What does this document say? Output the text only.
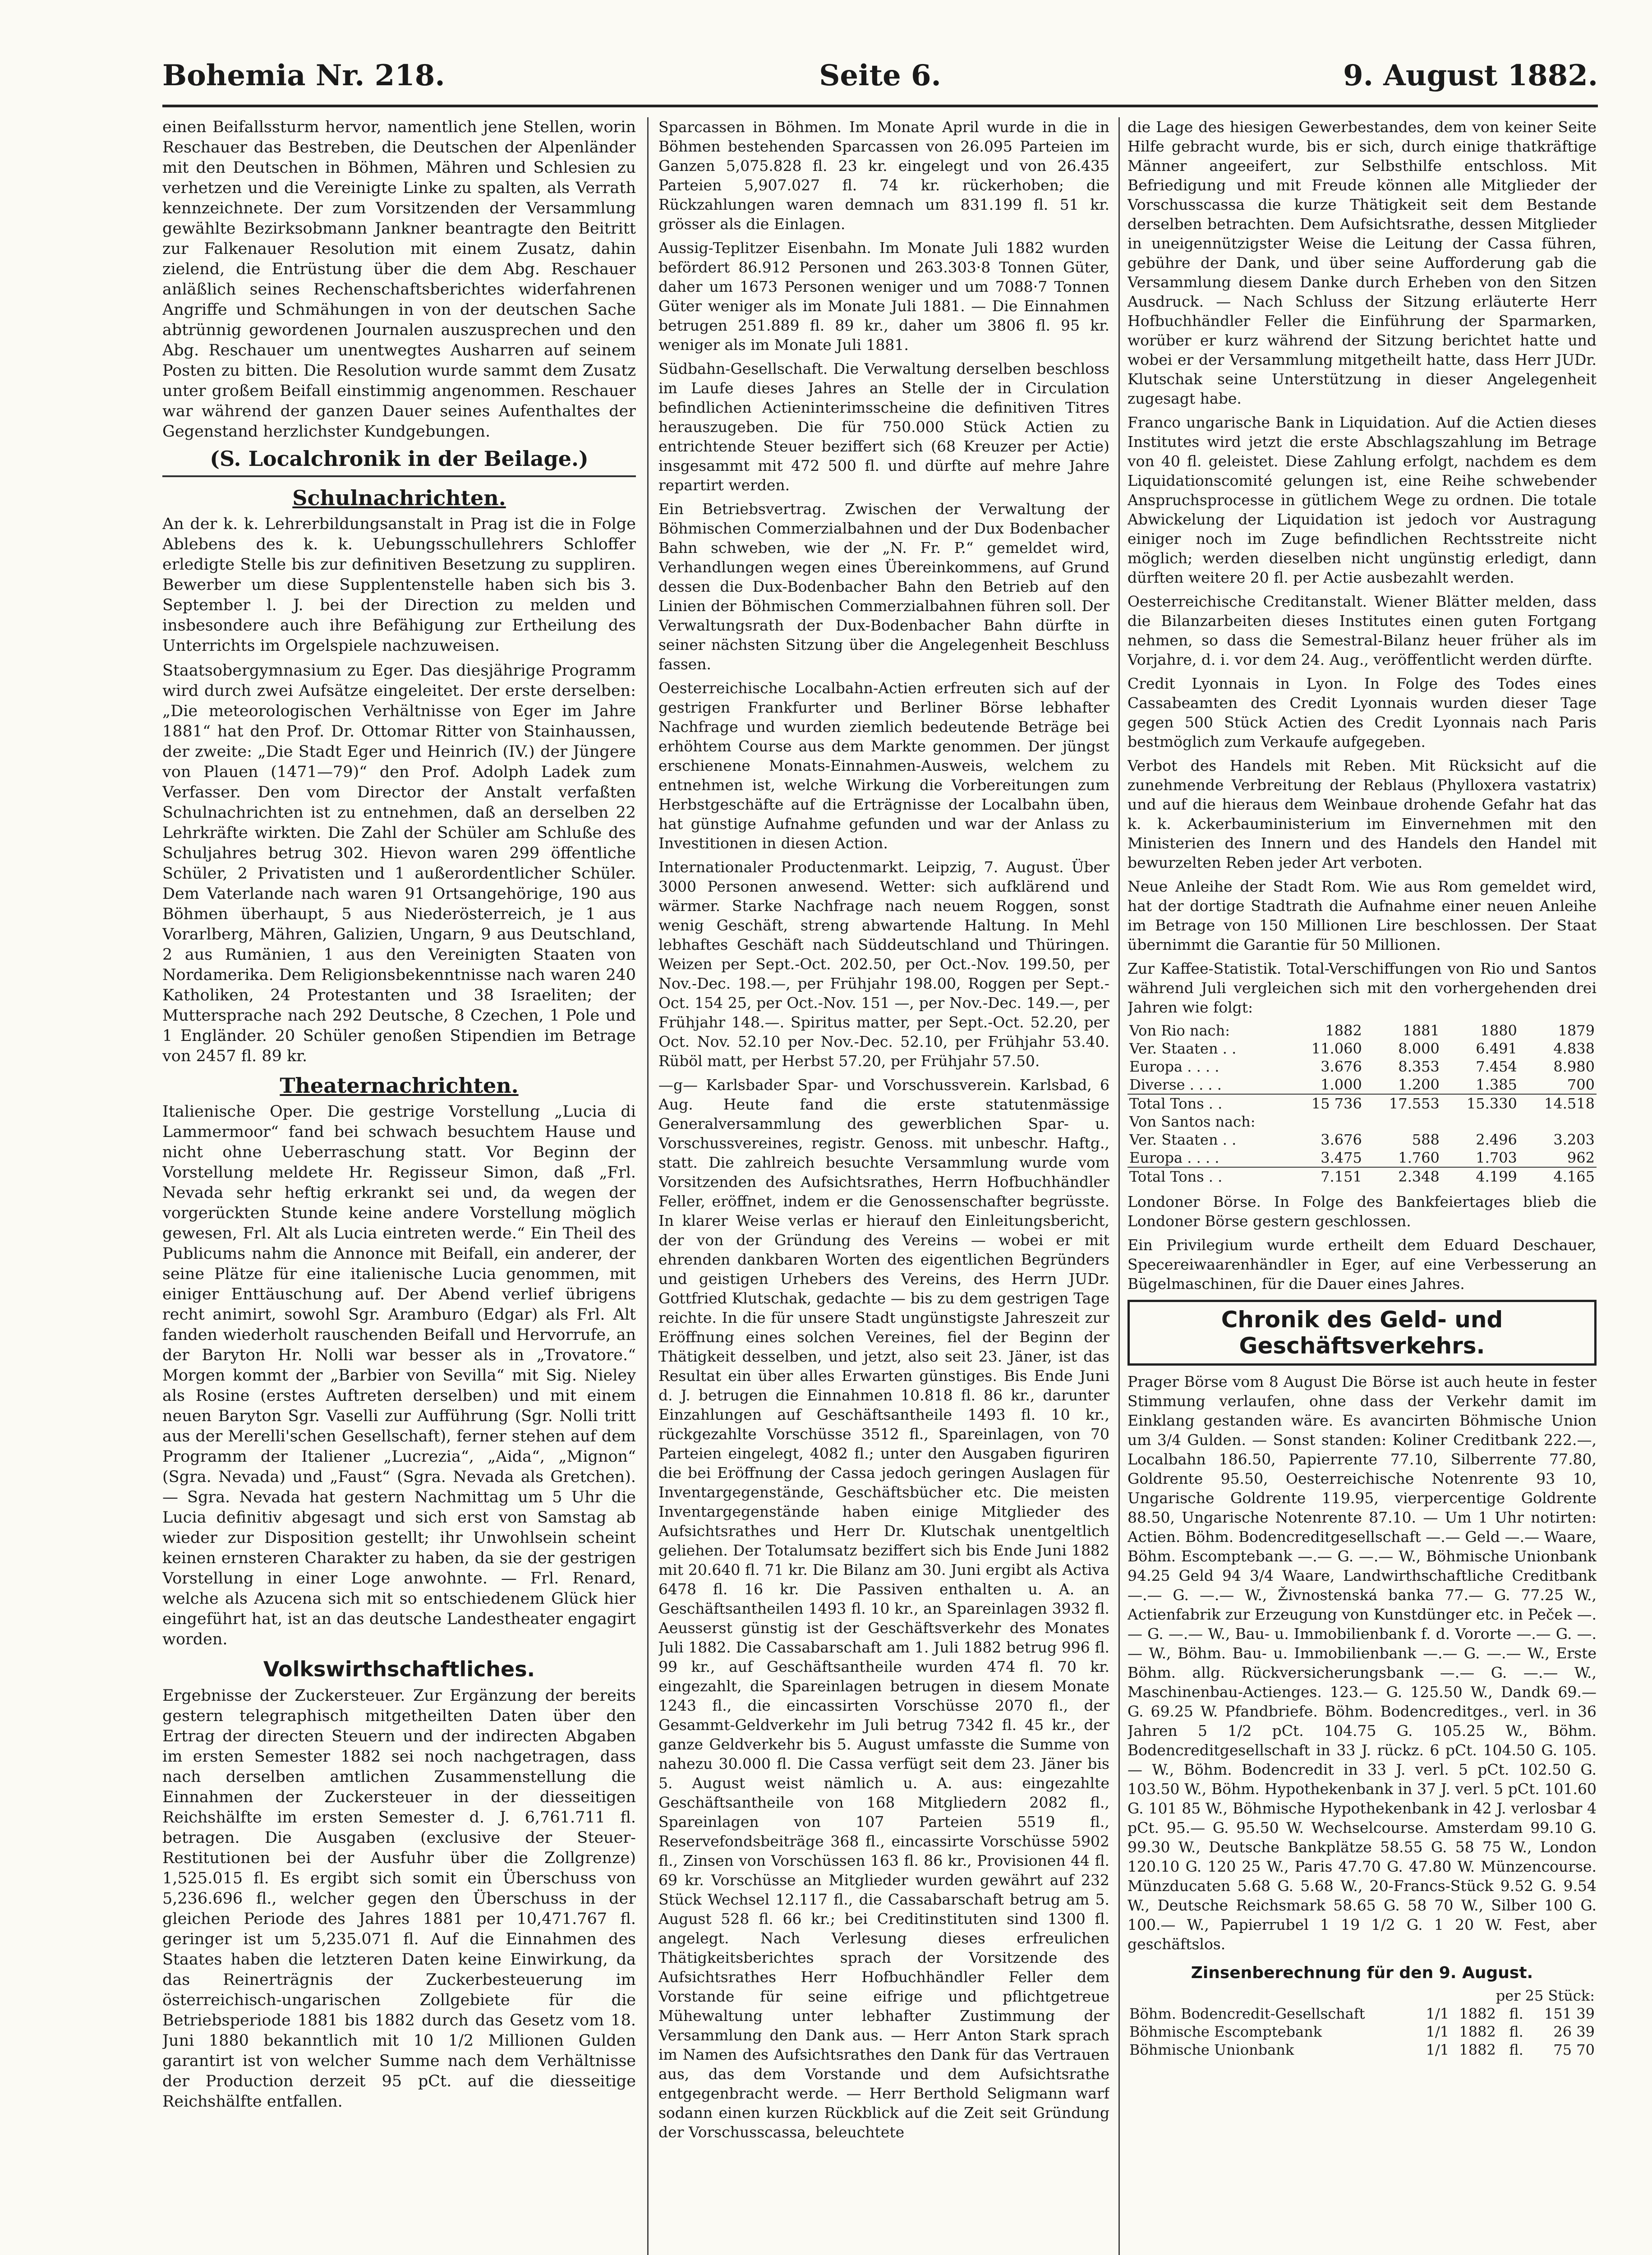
Bohemia Nr. 218.	Seite 6.	9. August 1882.

einen Beifallssturm hervor, namentlich jene Stellen, worin Reschauer das Bestreben, die Deutschen der Alpenländer mit den Deutschen in Böhmen, Mähren und Schlesien zu verhetzen und die Vereinigte Linke zu spalten, als Verrath kennzeichnete. Der zum Vorsitzenden der Versammlung gewählte Bezirksobmann Jankner beantragte den Beitritt zur Falkenauer Resolution mit einem Zusatz, dahin zielend, die Entrüstung über die dem Abg. Reschauer anläßlich seines Rechenschaftsberichtes widerfahrenen Angriffe und Schmähungen in von der deutschen Sache abtrünnig gewordenen Journalen auszusprechen und den Abg. Reschauer um unentwegtes Ausharren auf seinem Posten zu bitten. Die Resolution wurde sammt dem Zusatz unter großem Beifall einstimmig angenommen. Reschauer war während der ganzen Dauer seines Aufenthaltes der Gegenstand herzlichster Kundgebungen.

(S. Localchronik in der Beilage.)
Schulnachrichten.

An der k. k. Lehrerbildungsanstalt in Prag ist die in Folge Ablebens des k. k. Uebungsschullehrers Schloffer erledigte Stelle bis zur definitiven Besetzung zu suppliren. Bewerber um diese Supplentenstelle haben sich bis 3. September l. J. bei der Direction zu melden und insbesondere auch ihre Befähigung zur Ertheilung des Unterrichts im Orgelspiele nachzuweisen.

Staatsobergymnasium zu Eger. Das diesjährige Programm wird durch zwei Aufsätze eingeleitet. Der erste derselben: „Die meteorologischen Verhältnisse von Eger im Jahre 1881“ hat den Prof. Dr. Ottomar Ritter von Stainhaussen, der zweite: „Die Stadt Eger und Heinrich (IV.) der Jüngere von Plauen (1471—79)“ den Prof. Adolph Ladek zum Verfasser. Den vom Director der Anstalt verfaßten Schulnachrichten ist zu entnehmen, daß an derselben 22 Lehrkräfte wirkten. Die Zahl der Schüler am Schluße des Schuljahres betrug 302. Hievon waren 299 öffentliche Schüler, 2 Privatisten und 1 außerordentlicher Schüler. Dem Vaterlande nach waren 91 Ortsangehörige, 190 aus Böhmen überhaupt, 5 aus Niederösterreich, je 1 aus Vorarlberg, Mähren, Galizien, Ungarn, 9 aus Deutschland, 2 aus Rumänien, 1 aus den Vereinigten Staaten von Nordamerika. Dem Religionsbekenntnisse nach waren 240 Katholiken, 24 Protestanten und 38 Israeliten; der Muttersprache nach 292 Deutsche, 8 Czechen, 1 Pole und 1 Engländer. 20 Schüler genoßen Stipendien im Betrage von 2457 fl. 89 kr.

Theaternachrichten.

Italienische Oper. Die gestrige Vorstellung „Lucia di Lammermoor“ fand bei schwach besuchtem Hause und nicht ohne Ueberraschung statt. Vor Beginn der Vorstellung meldete Hr. Regisseur Simon, daß „Frl. Nevada sehr heftig erkrankt sei und, da wegen der vorgerückten Stunde keine andere Vorstellung möglich gewesen, Frl. Alt als Lucia eintreten werde.“ Ein Theil des Publicums nahm die Annonce mit Beifall, ein anderer, der seine Plätze für eine italienische Lucia genommen, mit einiger Enttäuschung auf. Der Abend verlief übrigens recht animirt, sowohl Sgr. Aramburo (Edgar) als Frl. Alt fanden wiederholt rauschenden Beifall und Hervorrufe, an der Baryton Hr. Nolli war besser als in „Trovatore.“ Morgen kommt der „Barbier von Sevilla“ mit Sig. Nieley als Rosine (erstes Auftreten derselben) und mit einem neuen Baryton Sgr. Vaselli zur Aufführung (Sgr. Nolli tritt aus der Merelli'schen Gesellschaft), ferner stehen auf dem Programm der Italiener „Lucrezia“, „Aida“, „Mignon“ (Sgra. Nevada) und „Faust“ (Sgra. Nevada als Gretchen). — Sgra. Nevada hat gestern Nachmittag um 5 Uhr die Lucia definitiv abgesagt und sich erst von Samstag ab wieder zur Disposition gestellt; ihr Unwohlsein scheint keinen ernsteren Charakter zu haben, da sie der gestrigen Vorstellung in einer Loge anwohnte. — Frl. Renard, welche als Azucena sich mit so entschiedenem Glück hier eingeführt hat, ist an das deutsche Landestheater engagirt worden.

Volkswirthschaftliches.

Ergebnisse der Zuckersteuer. Zur Ergänzung der bereits gestern telegraphisch mitgetheilten Daten über den Ertrag der directen Steuern und der indirecten Abgaben im ersten Semester 1882 sei noch nachgetragen, dass nach derselben amtlichen Zusammenstellung die Einnahmen der Zuckersteuer in der diesseitigen Reichshälfte im ersten Semester d. J. 6,761.711 fl. betragen. Die Ausgaben (exclusive der Steuer-Restitutionen bei der Ausfuhr über die Zollgrenze) 1,525.015 fl. Es ergibt sich somit ein Überschuss von 5,236.696 fl., welcher gegen den Überschuss in der gleichen Periode des Jahres 1881 per 10,471.767 fl. geringer ist um 5,235.071 fl. Auf die Einnahmen des Staates haben die letzteren Daten keine Einwirkung, da das Reinerträgnis der Zuckerbesteuerung im österreichisch-ungarischen Zollgebiete für die Betriebsperiode 1881 bis 1882 durch das Gesetz vom 18. Juni 1880 bekanntlich mit 10 1/2 Millionen Gulden garantirt ist von welcher Summe nach dem Verhältnisse der Production derzeit 95 pCt. auf die diesseitige Reichshälfte entfallen.

Sparcassen in Böhmen. Im Monate April wurde in die in Böhmen bestehenden Sparcassen von 26.095 Parteien im Ganzen 5,075.828 fl. 23 kr. eingelegt und von 26.435 Parteien 5,907.027 fl. 74 kr. rückerhoben; die Rückzahlungen waren demnach um 831.199 fl. 51 kr. grösser als die Einlagen.

Aussig-Teplitzer Eisenbahn. Im Monate Juli 1882 wurden befördert 86.912 Personen und 263.303·8 Tonnen Güter, daher um 1673 Personen weniger und um 7088·7 Tonnen Güter weniger als im Monate Juli 1881. — Die Einnahmen betrugen 251.889 fl. 89 kr., daher um 3806 fl. 95 kr. weniger als im Monate Juli 1881.

Südbahn-Gesellschaft. Die Verwaltung derselben beschloss im Laufe dieses Jahres an Stelle der in Circulation befindlichen Actieninterimsscheine die definitiven Titres herauszugeben. Die für 750.000 Stück Actien zu entrichtende Steuer beziffert sich (68 Kreuzer per Actie) insgesammt mit 472 500 fl. und dürfte auf mehre Jahre repartirt werden.

Ein Betriebsvertrag. Zwischen der Verwaltung der Böhmischen Commerzialbahnen und der Dux Bodenbacher Bahn schweben, wie der „N. Fr. P.“ gemeldet wird, Verhandlungen wegen eines Übereinkommens, auf Grund dessen die Dux-Bodenbacher Bahn den Betrieb auf den Linien der Böhmischen Commerzialbahnen führen soll. Der Verwaltungsrath der Dux-Bodenbacher Bahn dürfte in seiner nächsten Sitzung über die Angelegenheit Beschluss fassen.

Oesterreichische Localbahn-Actien erfreuten sich auf der gestrigen Frankfurter und Berliner Börse lebhafter Nachfrage und wurden ziemlich bedeutende Beträge bei erhöhtem Course aus dem Markte genommen. Der jüngst erschienene Monats-Einnahmen-Ausweis, welchem zu entnehmen ist, welche Wirkung die Vorbereitungen zum Herbstgeschäfte auf die Erträgnisse der Localbahn üben, hat günstige Aufnahme gefunden und war der Anlass zu Investitionen in diesen Action.

Internationaler Productenmarkt. Leipzig, 7. August. Über 3000 Personen anwesend. Wetter: sich aufklärend und wärmer. Starke Nachfrage nach neuem Roggen, sonst wenig Geschäft, streng abwartende Haltung. In Mehl lebhaftes Geschäft nach Süddeutschland und Thüringen. Weizen per Sept.-Oct. 202.50, per Oct.-Nov. 199.50, per Nov.-Dec. 198.—, per Frühjahr 198.00, Roggen per Sept.-Oct. 154 25, per Oct.-Nov. 151 —, per Nov.-Dec. 149.—, per Frühjahr 148.—. Spiritus matter, per Sept.-Oct. 52.20, per Oct. Nov. 52.10 per Nov.-Dec. 52.10, per Frühjahr 53.40. Rüböl matt, per Herbst 57.20, per Frühjahr 57.50.

—g— Karlsbader Spar- und Vorschussverein. Karlsbad, 6 Aug. Heute fand die erste statutenmässige Generalversammlung des gewerblichen Spar- u. Vorschussvereines, registr. Genoss. mit unbeschr. Haftg., statt. Die zahlreich besuchte Versammlung wurde vom Vorsitzenden des Aufsichtsrathes, Herrn Hofbuchhändler Feller, eröffnet, indem er die Genossenschafter begrüsste. In klarer Weise verlas er hierauf den Einleitungsbericht, der von der Gründung des Vereins — wobei er mit ehrenden dankbaren Worten des eigentlichen Begründers und geistigen Urhebers des Vereins, des Herrn JUDr. Gottfried Klutschak, gedachte — bis zu dem gestrigen Tage reichte. In die für unsere Stadt ungünstigste Jahreszeit zur Eröffnung eines solchen Vereines, fiel der Beginn der Thätigkeit desselben, und jetzt, also seit 23. Jäner, ist das Resultat ein über alles Erwarten günstiges. Bis Ende Juni d. J. betrugen die Einnahmen 10.818 fl. 86 kr., darunter Einzahlungen auf Geschäftsantheile 1493 fl. 10 kr., rückgezahlte Vorschüsse 3512 fl., Spareinlagen, von 70 Parteien eingelegt, 4082 fl.; unter den Ausgaben figuriren die bei Eröffnung der Cassa jedoch geringen Auslagen für Inventargegenstände, Geschäftsbücher etc. Die meisten Inventargegenstände haben einige Mitglieder des Aufsichtsrathes und Herr Dr. Klutschak unentgeltlich geliehen. Der Totalumsatz beziffert sich bis Ende Juni 1882 mit 20.640 fl. 71 kr. Die Bilanz am 30. Juni ergibt als Activa 6478 fl. 16 kr. Die Passiven enthalten u. A. an Geschäftsantheilen 1493 fl. 10 kr., an Spareinlagen 3932 fl. Aeusserst günstig ist der Geschäftsverkehr des Monates Juli 1882. Die Cassabarschaft am 1. Juli 1882 betrug 996 fl. 99 kr., auf Geschäftsantheile wurden 474 fl. 70 kr. eingezahlt, die Spareinlagen betrugen in diesem Monate 1243 fl., die eincassirten Vorschüsse 2070 fl., der Gesammt-Geldverkehr im Juli betrug 7342 fl. 45 kr., der ganze Geldverkehr bis 5. August umfasste die Summe von nahezu 30.000 fl. Die Cassa verfügt seit dem 23. Jäner bis 5. August weist nämlich u. A. aus: eingezahlte Geschäftsantheile von 168 Mitgliedern 2082 fl., Spareinlagen von 107 Parteien 5519 fl., Reservefondsbeiträge 368 fl., eincassirte Vorschüsse 5902 fl., Zinsen von Vorschüssen 163 fl. 86 kr., Provisionen 44 fl. 69 kr. Vorschüsse an Mitglieder wurden gewährt auf 232 Stück Wechsel 12.117 fl., die Cassabarschaft betrug am 5. August 528 fl. 66 kr.; bei Creditinstituten sind 1300 fl. angelegt. Nach Verlesung dieses erfreulichen Thätigkeitsberichtes sprach der Vorsitzende des Aufsichtsrathes Herr Hofbuchhändler Feller dem Vorstande für seine eifrige und pflichtgetreue Mühewaltung unter lebhafter Zustimmung der Versammlung den Dank aus. — Herr Anton Stark sprach im Namen des Aufsichtsrathes den Dank für das Vertrauen aus, das dem Vorstande und dem Aufsichtsrathe entgegenbracht werde. — Herr Berthold Seligmann warf sodann einen kurzen Rückblick auf die Zeit seit Gründung der Vorschusscassa, beleuchtete

die Lage des hiesigen Gewerbestandes, dem von keiner Seite Hilfe gebracht wurde, bis er sich, durch einige thatkräftige Männer angeeifert, zur Selbsthilfe entschloss. Mit Befriedigung und mit Freude können alle Mitglieder der Vorschusscassa die kurze Thätigkeit seit dem Bestande derselben betrachten. Dem Aufsichtsrathe, dessen Mitglieder in uneigennützigster Weise die Leitung der Cassa führen, gebühre der Dank, und über seine Aufforderung gab die Versammlung diesem Danke durch Erheben von den Sitzen Ausdruck. — Nach Schluss der Sitzung erläuterte Herr Hofbuchhändler Feller die Einführung der Sparmarken, worüber er kurz während der Sitzung berichtet hatte und wobei er der Versammlung mitgetheilt hatte, dass Herr JUDr. Klutschak seine Unterstützung in dieser Angelegenheit zugesagt habe.

Franco ungarische Bank in Liquidation. Auf die Actien dieses Institutes wird jetzt die erste Abschlagszahlung im Betrage von 40 fl. geleistet. Diese Zahlung erfolgt, nachdem es dem Liquidationscomité gelungen ist, eine Reihe schwebender Anspruchsprocesse in gütlichem Wege zu ordnen. Die totale Abwickelung der Liquidation ist jedoch vor Austragung einiger noch im Zuge befindlichen Rechtsstreite nicht möglich; werden dieselben nicht ungünstig erledigt, dann dürften weitere 20 fl. per Actie ausbezahlt werden.

Oesterreichische Creditanstalt. Wiener Blätter melden, dass die Bilanzarbeiten dieses Institutes einen guten Fortgang nehmen, so dass die Semestral-Bilanz heuer früher als im Vorjahre, d. i. vor dem 24. Aug., veröffentlicht werden dürfte.

Credit Lyonnais in Lyon. In Folge des Todes eines Cassabeamten des Credit Lyonnais wurden dieser Tage gegen 500 Stück Actien des Credit Lyonnais nach Paris bestmöglich zum Verkaufe aufgegeben.

Verbot des Handels mit Reben. Mit Rücksicht auf die zunehmende Verbreitung der Reblaus (Phylloxera vastatrix) und auf die hieraus dem Weinbaue drohende Gefahr hat das k. k. Ackerbauministerium im Einvernehmen mit den Ministerien des Innern und des Handels den Handel mit bewurzelten Reben jeder Art verboten.

Neue Anleihe der Stadt Rom. Wie aus Rom gemeldet wird, hat der dortige Stadtrath die Aufnahme einer neuen Anleihe im Betrage von 150 Millionen Lire beschlossen. Der Staat übernimmt die Garantie für 50 Millionen.

Zur Kaffee-Statistik. Total-Verschiffungen von Rio und Santos während Juli vergleichen sich mit den vorhergehenden drei Jahren wie folgt:

Von Rio nach:	1882	1881	1880	1879
Ver. Staaten . .	11.060	8.000	6.491	4.838
Europa . . . .	3.676	8.353	7.454	8.980
Diverse . . . .	1.000	1.200	1.385	700
Total Tons . .	15 736	17.553	15.330	14.518
Von Santos nach:				
Ver. Staaten . .	3.676	588	2.496	3.203
Europa . . . .	3.475	1.760	1.703	962
Total Tons . .	7.151	2.348	4.199	4.165

Londoner Börse. In Folge des Bankfeiertages blieb die Londoner Börse gestern geschlossen.

Ein Privilegium wurde ertheilt dem Eduard Deschauer, Specereiwaarenhändler in Eger, auf eine Verbesserung an Bügelmaschinen, für die Dauer eines Jahres.

Chronik des Geld- und Geschäftsverkehrs.

Prager Börse vom 8 August Die Börse ist auch heute in fester Stimmung verlaufen, ohne dass der Verkehr damit im Einklang gestanden wäre. Es avancirten Böhmische Union um 3/4 Gulden. — Sonst standen: Koliner Creditbank 222.—, Localbahn 186.50, Papierrente 77.10, Silberrente 77.80, Goldrente 95.50, Oesterreichische Notenrente 93 10, Ungarische Goldrente 119.95, vierpercentige Goldrente 88.50, Ungarische Notenrente 87.10. — Um 1 Uhr notirten: Actien. Böhm. Bodencreditgesellschaft —.— Geld —.— Waare, Böhm. Escomptebank —.— G. —.— W., Böhmische Unionbank 94.25 Geld 94 3/4 Waare, Landwirthschaftliche Creditbank —.— G. —.— W., Živnostenská banka 77.— G. 77.25 W., Actienfabrik zur Erzeugung von Kunstdünger etc. in Peček —.— G. —.— W., Bau- u. Immobilienbank f. d. Vororte —.— G. —.— W., Böhm. Bau- u. Immobilienbank —.— G. —.— W., Erste Böhm. allg. Rückversicherungsbank —.— G. —.— W., Maschinenbau-Actienges. 123.— G. 125.50 W., Dandk 69.— G. 69.25 W. Pfandbriefe. Böhm. Bodencreditges., verl. in 36 Jahren 5 1/2 pCt. 104.75 G. 105.25 W., Böhm. Bodencreditgesellschaft in 33 J. rückz. 6 pCt. 104.50 G. 105.— W., Böhm. Bodencredit in 33 J. verl. 5 pCt. 102.50 G. 103.50 W., Böhm. Hypothekenbank in 37 J. verl. 5 pCt. 101.60 G. 101 85 W., Böhmische Hypothekenbank in 42 J. verlosbar 4 pCt. 95.— G. 95.50 W. Wechselcourse. Amsterdam 99.10 G. 99.30 W., Deutsche Bankplätze 58.55 G. 58 75 W., London 120.10 G. 120 25 W., Paris 47.70 G. 47.80 W. Münzencourse. Münzducaten 5.68 G. 5.68 W., 20-Francs-Stück 9.52 G. 9.54 W., Deutsche Reichsmark 58.65 G. 58 70 W., Silber 100 G. 100.— W., Papierrubel 1 19 1/2 G. 1 20 W. Fest, aber geschäftslos.

Zinsenberechnung für den 9. August.
per 25 Stück:				
Böhm. Bodencredit-Gesellschaft	1/1	1882	fl.	151 39
Böhmische Escomptebank	1/1	1882	fl.	26 39
Böhmische Unionbank	1/1	1882	fl.	75 70
